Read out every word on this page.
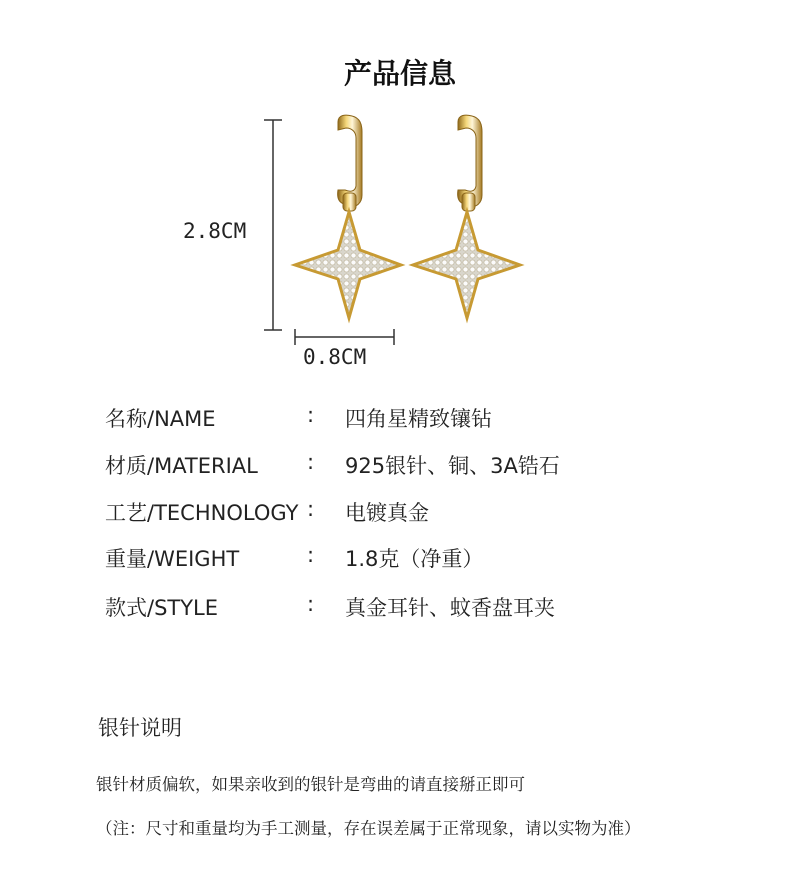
产品信息
2.8CM
0.8CM
名称/NAME	: 四角星精致镶钻
材质/MATERIAL : 925银针、铜、3A锆石
工艺/TECHNOLOGY : 电镀真金
重量/WEIGHT	: 1.8克（净重）
款式/STYLE	: 真金耳针、蚊香盘耳夹
银针说明
银针材质偏软，如果亲收到的银针是弯曲的请直接掰正即可
（注：尺寸和重量均为手工测量，存在误差属于正常现象，请以实物为准）
